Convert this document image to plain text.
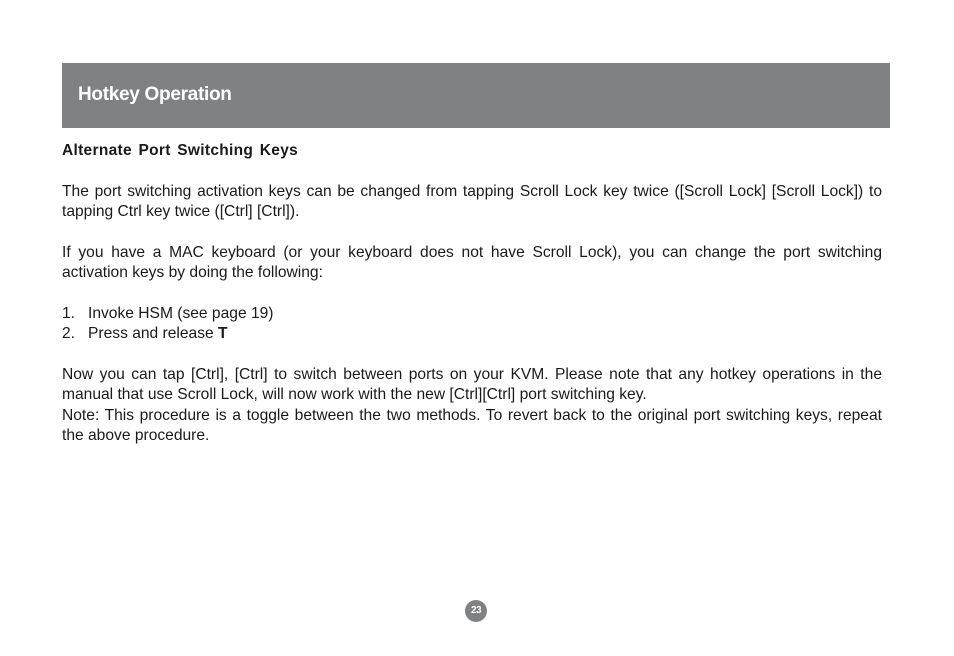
Hotkey Operation

Alternate Port Switching Keys

The port switching activation keys can be changed from tapping Scroll Lock key twice ([Scroll Lock] [Scroll Lock]) to tapping Ctrl key twice ([Ctrl] [Ctrl]).

If you have a MAC keyboard (or your keyboard does not have Scroll Lock), you can change the port switching activation keys by doing the following:

1. Invoke HSM (see page 19)
2. Press and release T

Now you can tap [Ctrl], [Ctrl] to switch between ports on your KVM. Please note that any hotkey operations in the manual that use Scroll Lock, will now work with the new [Ctrl][Ctrl] port switching key.

Note: This procedure is a toggle between the two methods. To revert back to the original port switching keys, repeat the above procedure.

23
